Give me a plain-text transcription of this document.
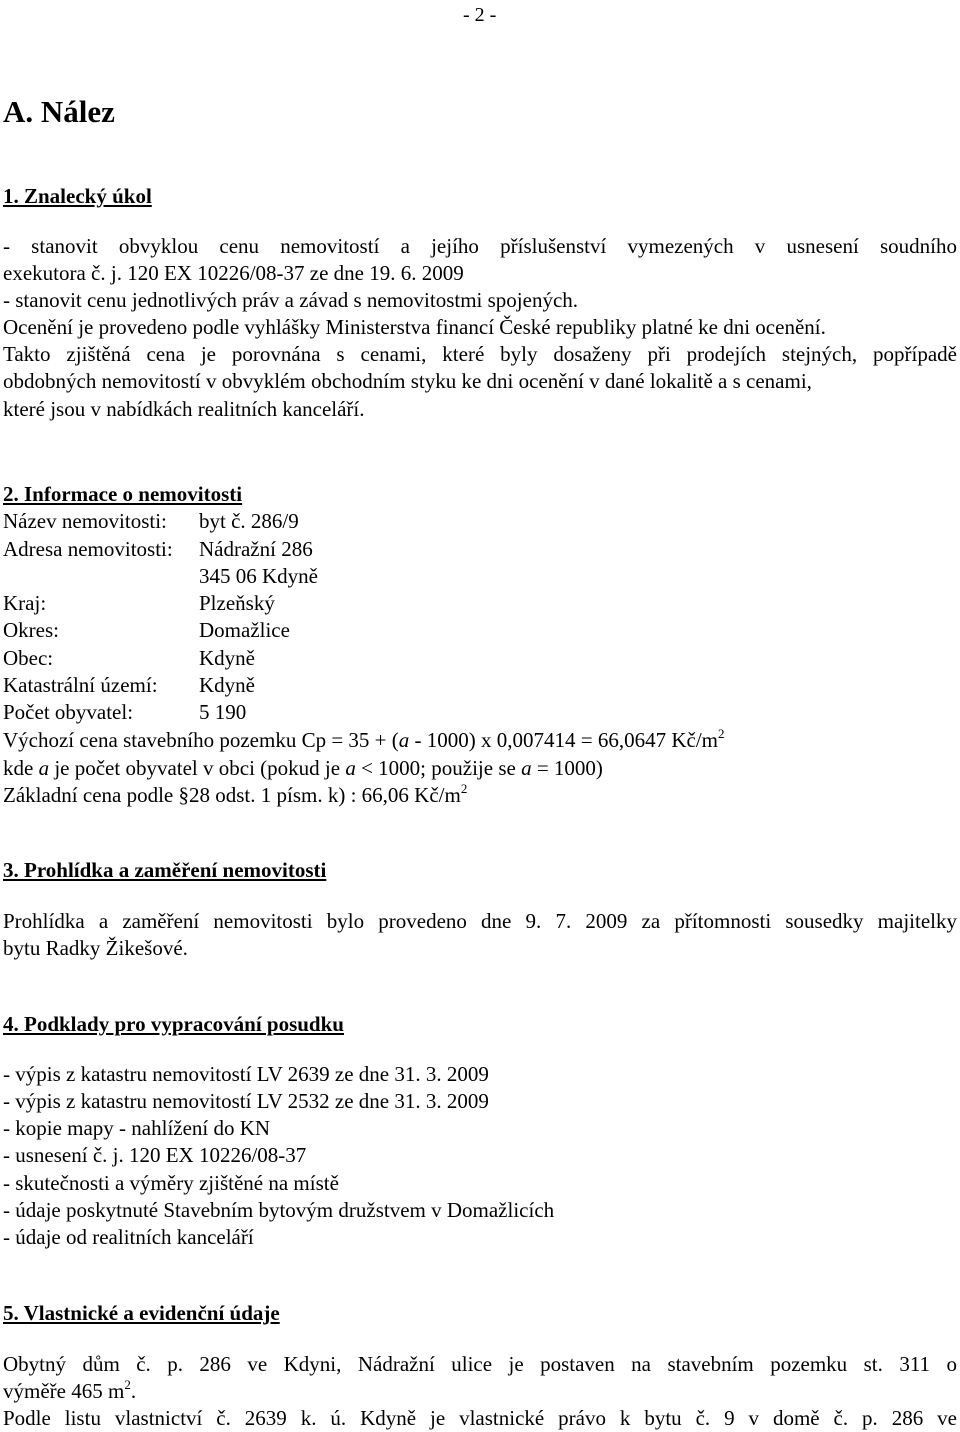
- 2 -
A. Nález
1. Znalecký úkol
- stanovit obvyklou cenu nemovitostí a jejího příslušenství vymezených v usnesení soudního
exekutora č. j. 120 EX 10226/08-37 ze dne 19. 6. 2009
- stanovit cenu jednotlivých práv a závad s nemovitostmi spojených.
Ocenění je provedeno podle vyhlášky Ministerstva financí České republiky platné ke dni ocenění.
Takto zjištěná cena je porovnána s cenami, které byly dosaženy při prodejích stejných, popřípadě
obdobných nemovitostí v obvyklém obchodním styku ke dni ocenění v dané lokalitě a s cenami,
které jsou v nabídkách realitních kanceláří.
2. Informace o nemovitosti
Název nemovitosti: byt č. 286/9
Adresa nemovitosti: Nádražní 286
345 06 Kdyně
Kraj:	Plzeňský
Okres:	Domažlice
Obec:	Kdyně
Katastrální území: Kdyně
Počet obyvatel:	5 190
Výchozí cena stavebního pozemku Cp = 35 + (a - 1000) x 0,007414 = 66,0647 $Kč/m^2$
kde a je počet obyvatel v obci (pokud je a < 1000; použije se a = 1000)
Základní cena podle §28 odst. 1 písm. k) : 66,06 $Kč/m^2$
3. Prohlídka a zaměření nemovitosti
Prohlídka a zaměření nemovitosti bylo provedeno dne 9. 7. 2009 za přítomnosti sousedky majitelky
bytu Radky Žikešové.
4. Podklady pro vypracování posudku
- výpis z katastru nemovitostí LV 2639 ze dne 31. 3. 2009
- výpis z katastru nemovitostí LV 2532 ze dne 31. 3. 2009
- kopie mapy - nahlížení do KN
- usnesení č. j. 120 EX 10226/08-37
- skutečnosti a výměry zjištěné na místě
- údaje poskytnuté Stavebním bytovým družstvem v Domažlicích
- údaje od realitních kanceláří
5. Vlastnické a evidenční údaje
Obytný dům č. p. 286 ve Kdyni, Nádražní ulice je postaven na stavebním pozemku st. 311 o
výměře 465 $m^2$.
Podle listu vlastnictví č. 2639 k. ú. Kdyně je vlastnické právo k bytu č. 9 v domě č. p. 286 ve
